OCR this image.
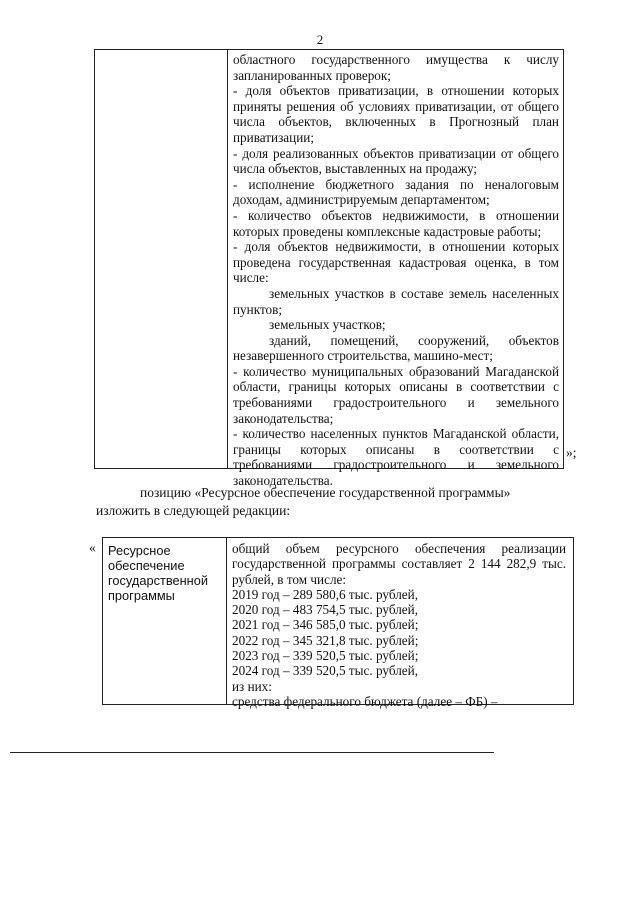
2

областного государственного имущества к числу запланированных проверок;

- доля объектов приватизации, в отношении которых приняты решения об условиях приватизации, от общего числа объектов, включенных в Прогнозный план приватизации;

- доля реализованных объектов приватизации от общего числа объектов, выставленных на продажу;

- исполнение бюджетного задания по неналоговым доходам, администрируемым департаментом;

- количество объектов недвижимости, в отношении которых проведены комплексные кадастровые работы;

- доля объектов недвижимости, в отношении которых проведена государственная кадастровая оценка, в том числе:

земельных участков в составе земель населенных пунктов;

земельных участков;

зданий, помещений, сооружений, объектов незавершенного строительства, машино-мест;

- количество муниципальных образований Магаданской области, границы которых описаны в соответствии с требованиями градостроительного и земельного законодательства;

- количество населенных пунктов Магаданской области, границы которых описаны в соответствии с требованиями градостроительного и земельного законодательства.

»;
позицию «Ресурсное обеспечение государственной программы»
изложить в следующей редакции:
« Ресурсное обеспечение государственной программы

общий объем ресурсного обеспечения реализации государственной программы составляет 2 144 282,9 тыс. рублей, в том числе:

2019 год – 289 580,6 тыс. рублей,

2020 год – 483 754,5 тыс. рублей,

2021 год – 346 585,0 тыс. рублей;

2022 год – 345 321,8 тыс. рублей;

2023 год – 339 520,5 тыс. рублей;

2024 год – 339 520,5 тыс. рублей,

из них:

средства федерального бюджета (далее – ФБ) –
